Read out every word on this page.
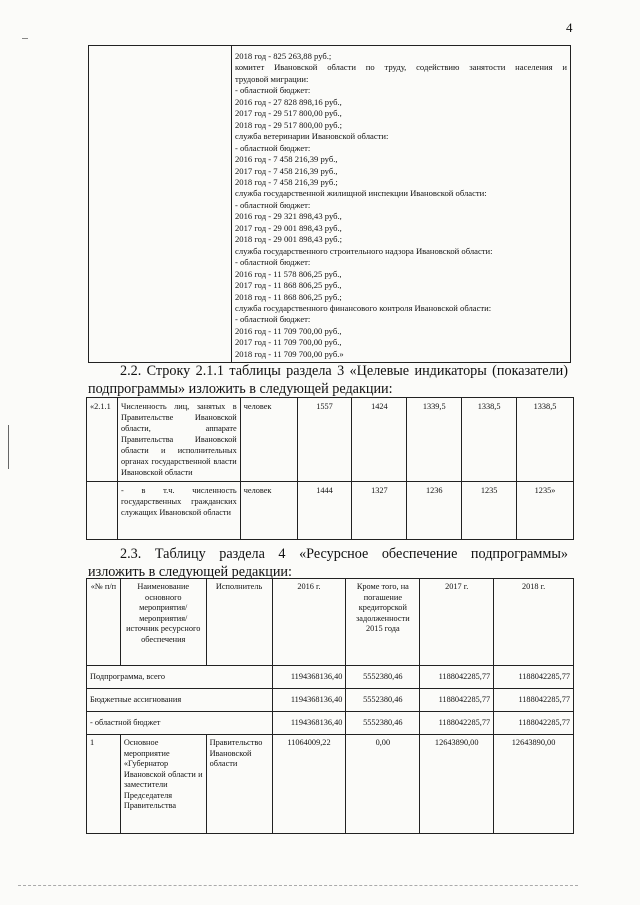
4

2018 год - 825 263,88 руб.;
комитет Ивановской области по труду, содействию занятости населения и
трудовой миграции:
- областной бюджет:
2016 год - 27 828 898,16 руб.,
2017 год - 29 517 800,00 руб.,
2018 год - 29 517 800,00 руб.;
служба ветеринарии Ивановской области:
- областной бюджет:
2016 год - 7 458 216,39 руб.,
2017 год - 7 458 216,39 руб.,
2018 год - 7 458 216,39 руб.;
служба государственной жилищной инспекции Ивановской области:
- областной бюджет:
2016 год - 29 321 898,43 руб.,
2017 год - 29 001 898,43 руб.,
2018 год - 29 001 898,43 руб.;
служба государственного строительного надзора Ивановской области:
- областной бюджет:
2016 год - 11 578 806,25 руб.,
2017 год - 11 868 806,25 руб.,
2018 год - 11 868 806,25 руб.;
служба государственного финансового контроля Ивановской области:
- областной бюджет:
2016 год - 11 709 700,00 руб.,
2017 год - 11 709 700,00 руб.,
2018 год - 11 709 700,00 руб.»
2.2. Строку 2.1.1 таблицы раздела 3 «Целевые индикаторы (показатели) подпрограммы» изложить в следующей редакции:
«2.1.1	Численность лиц, занятых в Правительстве Ивановской области, аппарате Правительства Ивановской области и исполнительных органах государственной власти Ивановской области	человек	1557	1424	1339,5	1338,5	1338,5
	- в т.ч. численность государственных гражданских служащих Ивановской области	человек	1444	1327	1236	1235	1235»
2.3. Таблицу раздела 4 «Ресурсное обеспечение подпрограммы» изложить в следующей редакции:
«№ п/п	Наименование основного мероприятия/мероприятия/источник ресурсного обеспечения	Исполнитель	2016 г.	Кроме того, на погашение кредиторской задолженности 2015 года	2017 г.	2018 г.
Подпрограмма, всего			1194368136,40	5552380,46	1188042285,77	1188042285,77
Бюджетные ассигнования			1194368136,40	5552380,46	1188042285,77	1188042285,77
- областной бюджет			1194368136,40	5552380,46	1188042285,77	1188042285,77
1	Основное мероприятие «Губернатор Ивановской области и заместители Председателя Правительства	Правительство Ивановской области	11064009,22	0,00	12643890,00	12643890,00
